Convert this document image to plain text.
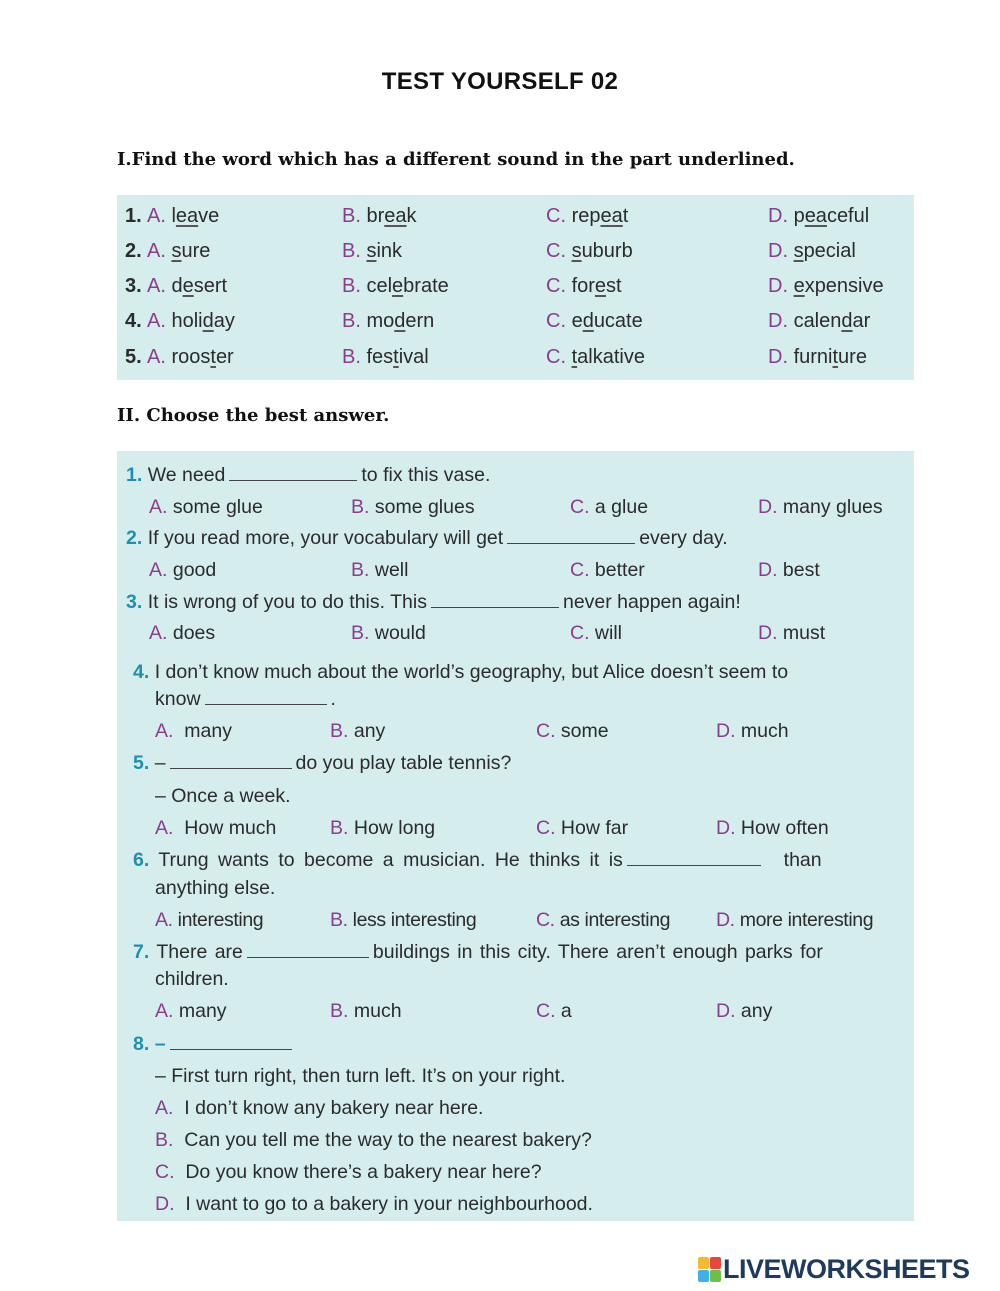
TEST YOURSELF 02
I.Find the word which has a different sound in the part underlined.
1. A. leave	B. break	C. repeat	D. peaceful
2. A. sure	B. sink	C. suburb	D. special
3. A. desert	B. celebrate	C. forest	D. expensive
4. A. holiday	B. modern	C. educate	D. calendar
5. A. rooster	B. festival	C. talkative	D. furniture
II. Choose the best answer.
1. We need	to fix this vase.
A. some glue	B. some glues	C. a glue	D. many glues
2. If you read more, your vocabulary will get	every day.
A. good	B. well	C. better	D. best
3. It is wrong of you to do this. This	never happen again!
A. does	B. would	C. will	D. must
4. I don’t know much about the world’s geography, but Alice doesn’t seem to
know	.
A. many	B. any	C. some	D. much
5. –	do you play table tennis?
– Once a week.
A. How much	B. How long	C. How far	D. How often
6. Trung wants to become a musician. He thinks it is	than
anything else.
A. interesting	B. less interesting	C. as interesting D. more interesting
7. There are	buildings in this city. There aren’t enough parks for
children.
A. many	B. much	C. a	D. any
8. –
– First turn right, then turn left. It’s on your right.
A. I don’t know any bakery near here.
B. Can you tell me the way to the nearest bakery?
C. Do you know there’s a bakery near here?
D. I want to go to a bakery in your neighbourhood.
LIVEWORKSHEETS
